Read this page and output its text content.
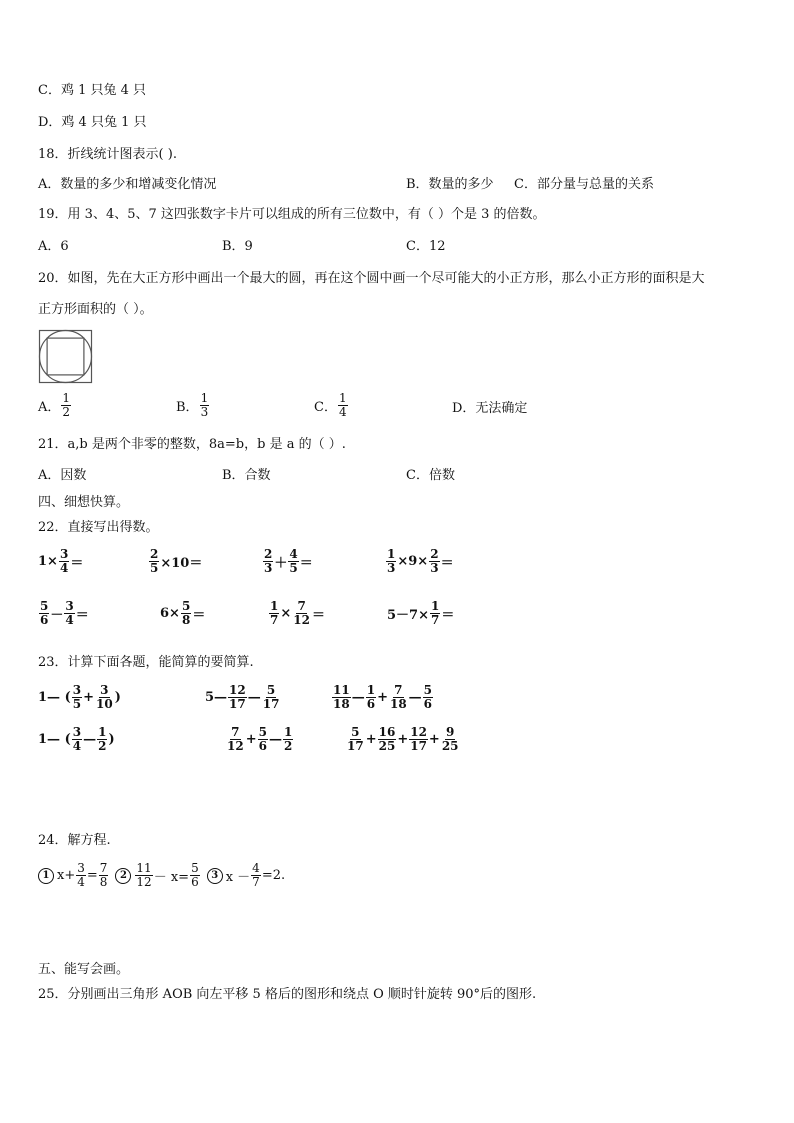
C．鸡 1 只兔 4 只
D．鸡 4 只兔 1 只
18．折线统计图表示( ).
A．数量的多少和增减变化情况	B．数量的多少 C．部分量与总量的关系
19．用 3、4、5、7 这四张数字卡片可以组成的所有三位数中，有（ ）个是 3 的倍数。
A．6	B．9	C．12
20．如图，先在大正方形中画出一个最大的圆，再在这个圆中画一个尽可能大的小正方形，那么小正方形的面积是大
正方形面积的（ ）。
A． $\frac{1}{2}$	B． $\frac{1}{3}$	C． $\frac{1}{4}$	D．无法确定
21．a,b 是两个非零的整数，8a=b，b 是 a 的（ ）.
A．因数	B．合数	C．倍数
四、细想快算。
22．直接写出得数。
$1\times \frac{3}{4}$ ＝	$\frac{2}{5} \times 10=$	$\frac{2}{3} + \frac{4}{5}$ ＝	$\frac{1}{3} \times 9\times \frac{2}{3}$ ＝
$\frac{5}{6} - \frac{3}{4}$ ＝	$6\times \frac{5}{8}$ ＝	$\frac{1}{7} \times \frac{7}{12}$ ＝	$5-7\times \frac{1}{7}$ ＝
23．计算下面各题，能简算的要简算.
1— ( $\frac{3}{5} + \frac{3}{10}$ )	5— $\frac{12}{17}$ — $\frac{5}{17}$	$\frac{11}{18}$ — $\frac{1}{6} + \frac{7}{18}$ — $\frac{5}{6}$
1— ( $\frac{3}{4}$ — $\frac{1}{2}$ )	$\frac{7}{12} + \frac{5}{6}$ — $\frac{1}{2}$	$\frac{5}{17} + \frac{16}{25} + \frac{12}{17} + \frac{9}{25}$
24．解方程.
1 $x+ \frac{3}{4} = \frac{7}{8}$	$2 \frac{11}{12} - x= \frac{5}{6}$	3 $x - \frac{4}{7} =2$.
五、能写会画。
25．分别画出三角形 AOB 向左平移 5 格后的图形和绕点 O 顺时针旋转 90°后的图形.
